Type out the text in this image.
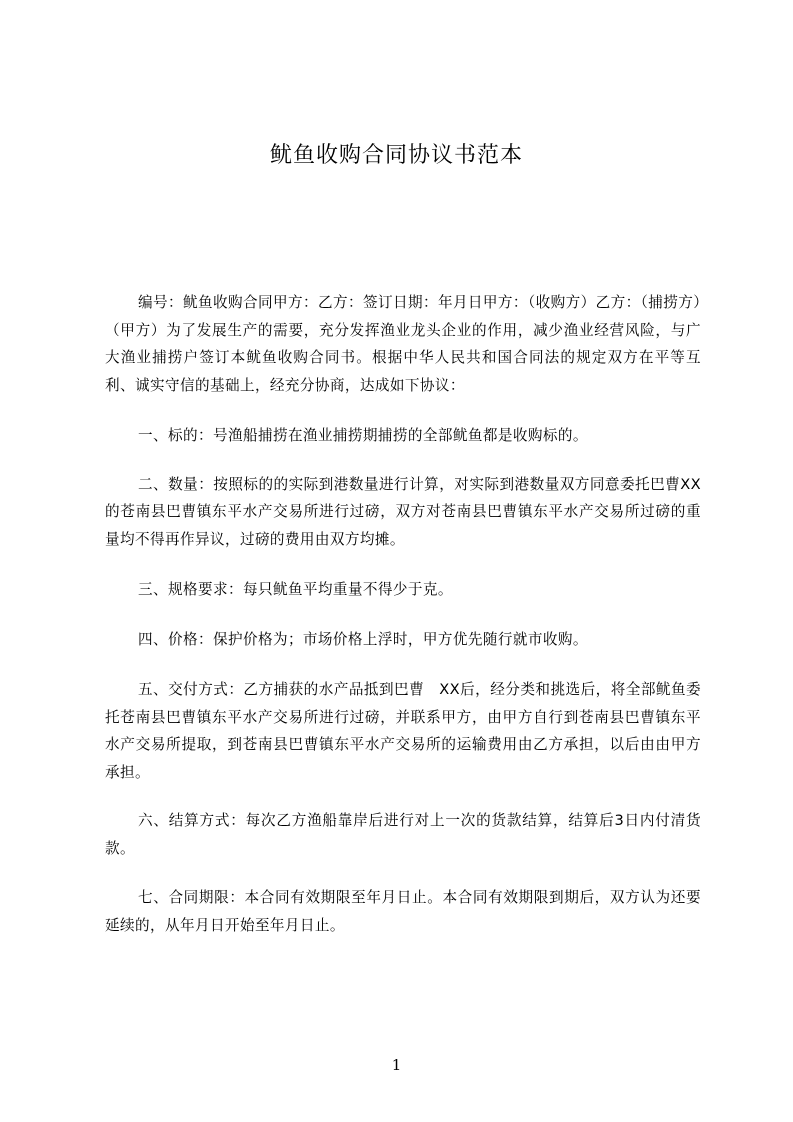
鱿鱼收购合同协议书范本

编号：鱿鱼收购合同甲方：乙方：签订日期：年月日甲方：（收购方）乙方：（捕捞方）（甲方）为了发展生产的需要，充分发挥渔业龙头企业的作用，减少渔业经营风险，与广大渔业捕捞户签订本鱿鱼收购合同书。根据中华人民共和国合同法的规定双方在平等互利、诚实守信的基础上，经充分协商，达成如下协议：

一、标的：号渔船捕捞在渔业捕捞期捕捞的全部鱿鱼都是收购标的。

二、数量：按照标的的实际到港数量进行计算，对实际到港数量双方同意委托巴曹XX的苍南县巴曹镇东平水产交易所进行过磅，双方对苍南县巴曹镇东平水产交易所过磅的重量均不得再作异议，过磅的费用由双方均摊。

三、规格要求：每只鱿鱼平均重量不得少于克。

四、价格：保护价格为；市场价格上浮时，甲方优先随行就市收购。

五、交付方式：乙方捕获的水产品抵到巴曹　XX后，经分类和挑选后，将全部鱿鱼委托苍南县巴曹镇东平水产交易所进行过磅，并联系甲方，由甲方自行到苍南县巴曹镇东平水产交易所提取，到苍南县巴曹镇东平水产交易所的运输费用由乙方承担，以后由由甲方承担。

六、结算方式：每次乙方渔船靠岸后进行对上一次的货款结算，结算后3日内付清货款。

七、合同期限：本合同有效期限至年月日止。本合同有效期限到期后，双方认为还要延续的，从年月日开始至年月日止。

1
